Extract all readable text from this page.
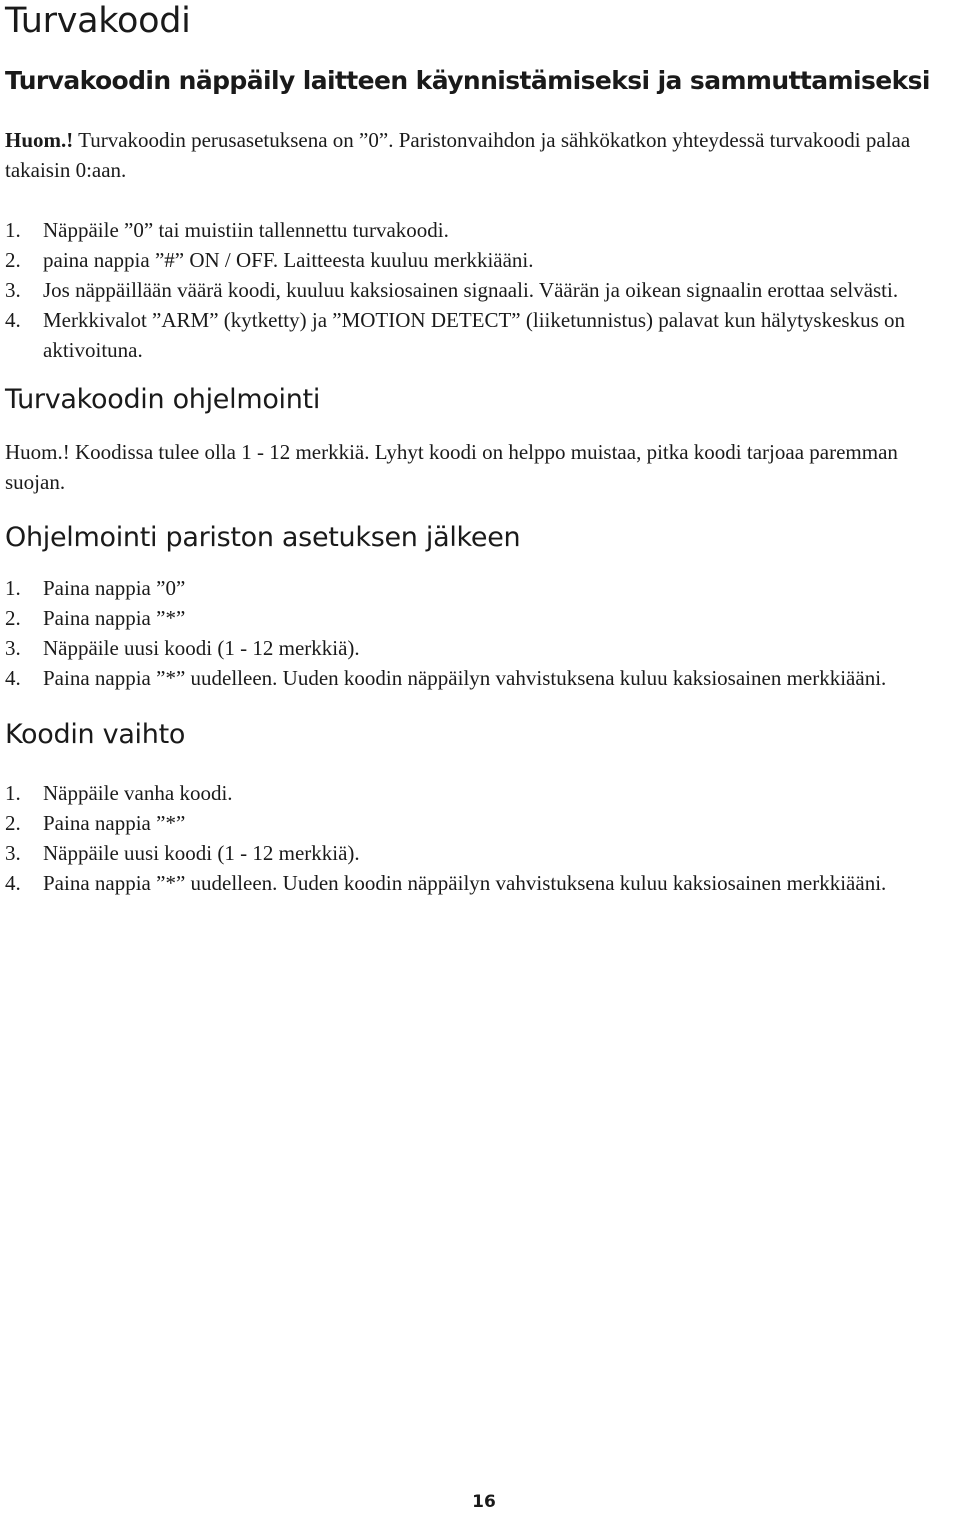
Turvakoodi
Turvakoodin näppäily laitteen käynnistämiseksi ja sammuttamiseksi

Huom.! Turvakoodin perusasetuksena on ”0”. Paristonvaihdon ja sähkökatkon yhteydessä turvakoodi palaa takaisin 0:aan.

1.	Näppäile ”0” tai muistiin tallennettu turvakoodi.
2.	paina nappia ”#” ON / OFF. Laitteesta kuuluu merkkiääni.
3.	Jos näppäillään väärä koodi, kuuluu kaksiosainen signaali. Väärän ja oikean signaalin erottaa selvästi.
4.	Merkkivalot ”ARM” (kytketty) ja ”MOTION DETECT” (liiketunnistus) palavat kun hälytyskeskus on aktivoituna.
Turvakoodin ohjelmointi

Huom.! Koodissa tulee olla 1 - 12 merkkiä. Lyhyt koodi on helppo muistaa, pitka koodi tarjoaa paremman suojan.

Ohjelmointi pariston asetuksen jälkeen
1.	Paina nappia ”0”
2.	Paina nappia ”*”
3.	Näppäile uusi koodi (1 - 12 merkkiä).
4.	Paina nappia ”*” uudelleen. Uuden koodin näppäilyn vahvistuksena kuluu kaksiosainen merkkiääni.
Koodin vaihto
1.	Näppäile vanha koodi.
2.	Paina nappia ”*”
3.	Näppäile uusi koodi (1 - 12 merkkiä).
4.	Paina nappia ”*” uudelleen. Uuden koodin näppäilyn vahvistuksena kuluu kaksiosainen merkkiääni.
16
